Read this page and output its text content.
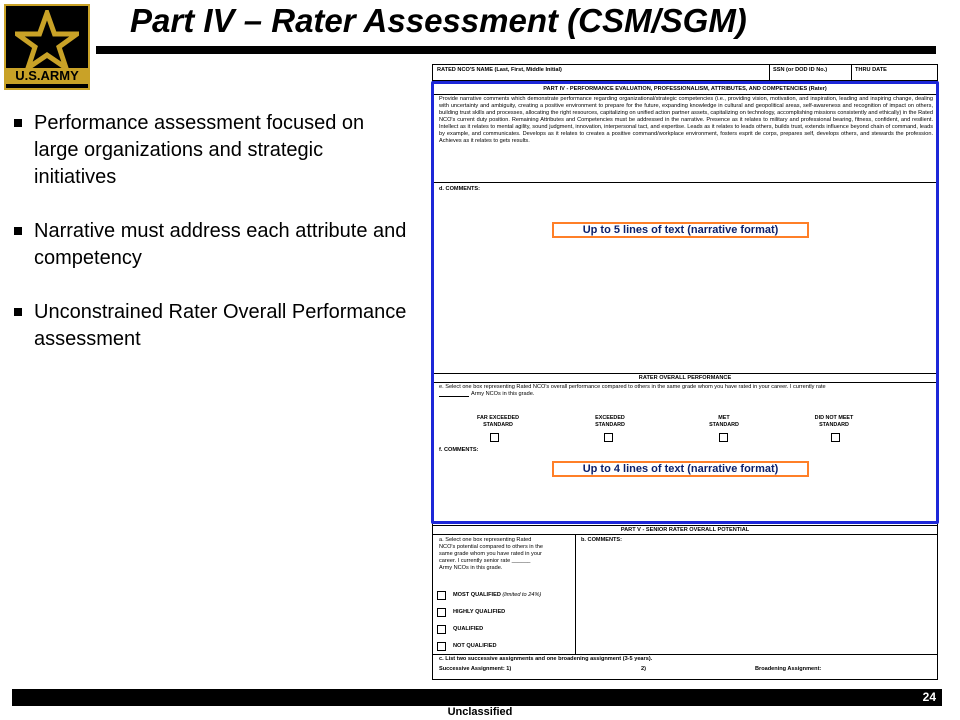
U.S.ARMY
Part IV – Rater Assessment (CSM/SGM)
Performance assessment focused on large organizations and strategic initiatives
Narrative must address each attribute and competency
Unconstrained Rater Overall Performance assessment
RATED NCO'S NAME (Last, First, Middle Initial)	SSN (or DOD ID No.)	THRU DATE
PART IV - PERFORMANCE EVALUATION, PROFESSIONALISM, ATTRIBUTES, AND COMPETENCIES (Rater)
Provide narrative comments which demonstrate performance regarding organizational/strategic competencies (i.e., providing vision, motivation, and inspiration, leading and inspiring change, dealing with uncertainty and ambiguity, creating a positive environment to prepare for the future, expanding knowledge in cultural and geopolitical areas, self-awareness and recognition of impact on others, building trust skills and processes, allocating the right resources, capitalizing on unified action partner assets, capitalizing on technology, accomplishing missions consistently and ethically) in the Rated NCO's current duty position. Remaining Attributes and Competencies must be addressed in the narrative. Presence as it relates to military and professional bearing, fitness, confident, and resilient. Intellect as it relates to mental agility, sound judgment, innovation, interpersonal tact, and expertise. Leads as it relates to leads others, builds trust, extends influence beyond chain of command, leads by example, and communicates. Develops as it relates to creates a positive command/workplace environment, fosters esprit de corps, prepares self, develops others, and stewards the profession. Achieves as it relates to gets results.
d. COMMENTS:
RATER OVERALL PERFORMANCE
e. Select one box representing Rated NCO's overall performance compared to others in the same grade whom you have rated in your career. I currently rate
Army NCOs in this grade.
FAR EXCEEDED
STANDARD
EXCEEDED
STANDARD
MET
STANDARD
DID NOT MEET
STANDARD
f. COMMENTS:
PART V - SENIOR RATER OVERALL POTENTIAL
a. Select one box representing Rated
NCO's potential compared to others in the
same grade whom you have rated in your
career. I currently senior rate ______
Army NCOs in this grade.
b. COMMENTS:
MOST QUALIFIED (limited to 24%)
HIGHLY QUALIFIED
QUALIFIED
NOT QUALIFIED
c. List two successive assignments and one broadening assignment (3-5 years).
Successive Assignment: 1)	2)	Broadening Assignment:
Up to 5 lines of text (narrative format)
Up to 4 lines of text (narrative format)
24
Unclassified
